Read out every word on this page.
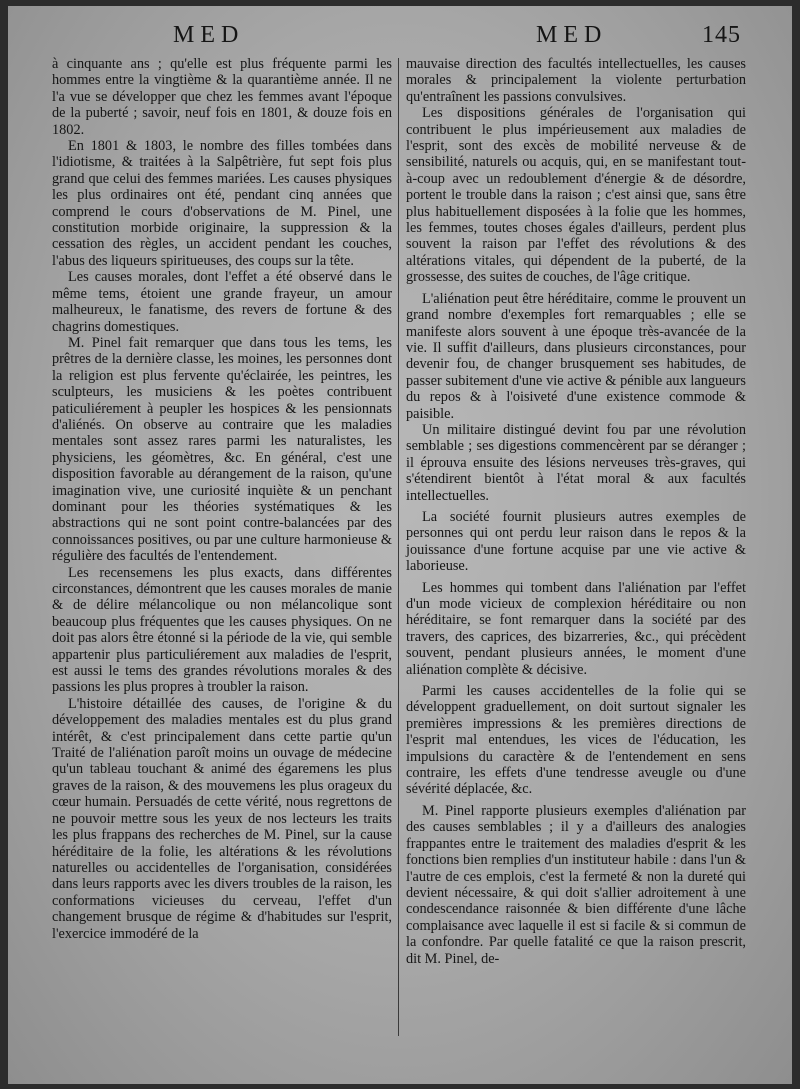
MED	MED	145

à cinquante ans ; qu'elle est plus fréquente parmi les hommes entre la vingtième & la quarantième année. Il ne l'a vue se développer que chez les femmes avant l'époque de la puberté ; savoir, neuf fois en 1801, & douze fois en 1802.

En 1801 & 1803, le nombre des filles tombées dans l'idiotisme, & traitées à la Salpêtrière, fut sept fois plus grand que celui des femmes mariées. Les causes physiques les plus ordinaires ont été, pendant cinq années que comprend le cours d'observations de M. Pinel, une constitution morbide originaire, la suppression & la cessation des règles, un accident pendant les couches, l'abus des liqueurs spiritueuses, des coups sur la tête.

Les causes morales, dont l'effet a été observé dans le même tems, étoient une grande frayeur, un amour malheureux, le fanatisme, des revers de fortune & des chagrins domestiques.

M. Pinel fait remarquer que dans tous les tems, les prêtres de la dernière classe, les moines, les personnes dont la religion est plus fervente qu'éclairée, les peintres, les sculpteurs, les musiciens & les poètes contribuent paticuliérement à peupler les hospices & les pensionnats d'aliénés. On observe au contraire que les maladies mentales sont assez rares parmi les naturalistes, les physiciens, les géomètres, &c. En général, c'est une disposition favorable au dérangement de la raison, qu'une imagination vive, une curiosité inquiète & un penchant dominant pour les théories systématiques & les abstractions qui ne sont point contre-balancées par des connoissances positives, ou par une culture harmonieuse & régulière des facultés de l'entendement.

Les recensemens les plus exacts, dans différentes circonstances, démontrent que les causes morales de manie & de délire mélancolique ou non mélancolique sont beaucoup plus fréquentes que les causes physiques. On ne doit pas alors être étonné si la période de la vie, qui semble appartenir plus particuliérement aux maladies de l'esprit, est aussi le tems des grandes révolutions morales & des passions les plus propres à troubler la raison.

L'histoire détaillée des causes, de l'origine & du développement des maladies mentales est du plus grand intérêt, & c'est principalement dans cette partie qu'un Traité de l'aliénation paroît moins un ouvage de médecine qu'un tableau touchant & animé des égaremens les plus graves de la raison, & des mouvemens les plus orageux du cœur humain. Persuadés de cette vérité, nous regrettons de ne pouvoir mettre sous les yeux de nos lecteurs les traits les plus frappans des recherches de M. Pinel, sur la cause héréditaire de la folie, les altérations & les révolutions naturelles ou accidentelles de l'organisation, considérées dans leurs rapports avec les divers troubles de la raison, les conformations vicieuses du cerveau, l'effet d'un changement brusque de régime & d'habitudes sur l'esprit, l'exercice immodéré de la

mauvaise direction des facultés intellectuelles, les causes morales & principalement la violente perturbation qu'entraînent les passions convulsives.

Les dispositions générales de l'organisation qui contribuent le plus impérieusement aux maladies de l'esprit, sont des excès de mobilité nerveuse & de sensibilité, naturels ou acquis, qui, en se manifestant tout-à-coup avec un redoublement d'énergie & de désordre, portent le trouble dans la raison ; c'est ainsi que, sans être plus habituellement disposées à la folie que les hommes, les femmes, toutes choses égales d'ailleurs, perdent plus souvent la raison par l'effet des révolutions & des altérations vitales, qui dépendent de la puberté, de la grossesse, des suites de couches, de l'âge critique.

L'aliénation peut être héréditaire, comme le prouvent un grand nombre d'exemples fort remarquables ; elle se manifeste alors souvent à une époque très-avancée de la vie. Il suffit d'ailleurs, dans plusieurs circonstances, pour devenir fou, de changer brusquement ses habitudes, de passer subitement d'une vie active & pénible aux langueurs du repos & à l'oisiveté d'une existence commode & paisible.

Un militaire distingué devint fou par une révolution semblable ; ses digestions commencèrent par se déranger ; il éprouva ensuite des lésions nerveuses très-graves, qui s'étendirent bientôt à l'état moral & aux facultés intellectuelles.

La société fournit plusieurs autres exemples de personnes qui ont perdu leur raison dans le repos & la jouissance d'une fortune acquise par une vie active & laborieuse.

Les hommes qui tombent dans l'aliénation par l'effet d'un mode vicieux de complexion héréditaire ou non héréditaire, se font remarquer dans la société par des travers, des caprices, des bizarreries, &c., qui précèdent souvent, pendant plusieurs années, le moment d'une aliénation complète & décisive.

Parmi les causes accidentelles de la folie qui se développent graduellement, on doit surtout signaler les premières impressions & les premières directions de l'esprit mal entendues, les vices de l'éducation, les impulsions du caractère & de l'entendement en sens contraire, les effets d'une tendresse aveugle ou d'une sévérité déplacée, &c.

M. Pinel rapporte plusieurs exemples d'aliénation par des causes semblables ; il y a d'ailleurs des analogies frappantes entre le traitement des maladies d'esprit & les fonctions bien remplies d'un instituteur habile : dans l'un & l'autre de ces emplois, c'est la fermeté & non la dureté qui devient nécessaire, & qui doit s'allier adroitement à une condescendance raisonnée & bien différente d'une lâche complaisance avec laquelle il est si facile & si commun de la confondre. Par quelle fatalité ce que la raison prescrit, dit M. Pinel, de-
